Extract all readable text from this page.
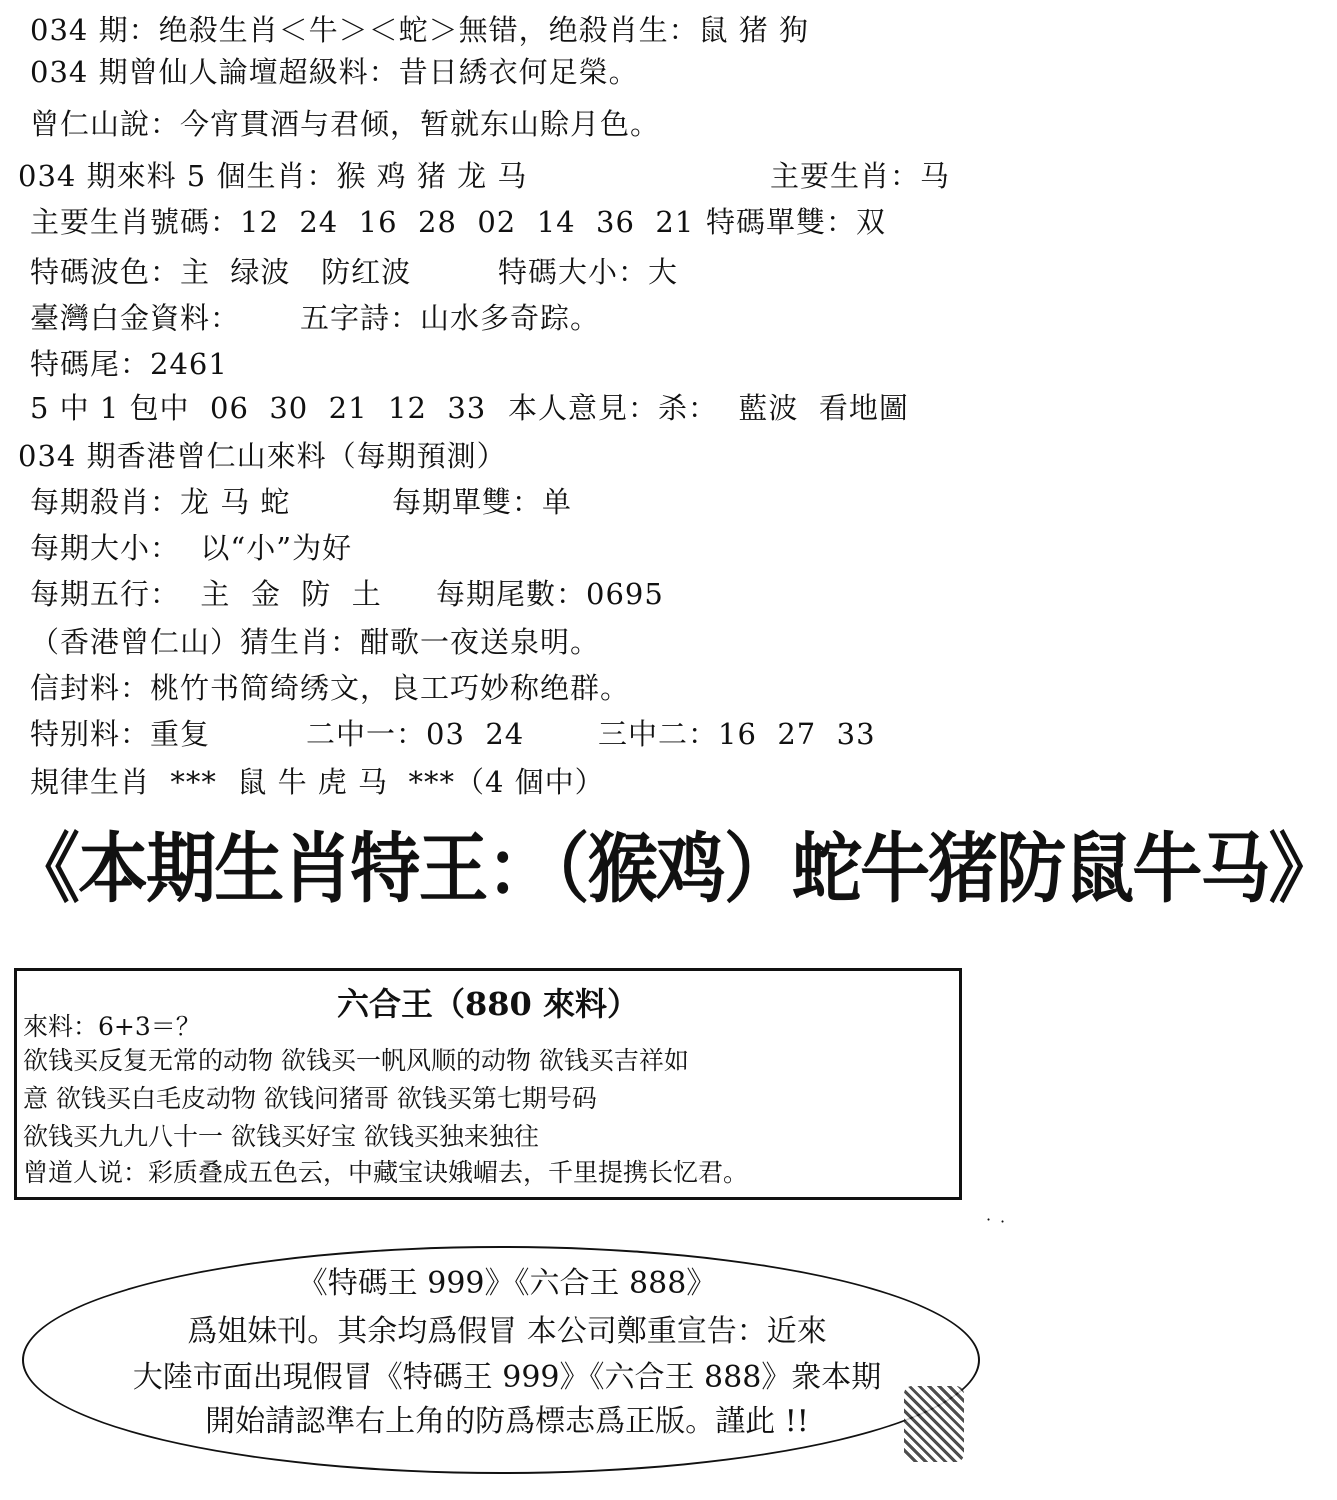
034 期：绝殺生肖＜牛＞＜蛇＞無错，绝殺肖生：鼠 猪 狗
034 期曾仙人論壇超級料：昔日綉衣何足榮。
曾仁山說：今宵貫酒与君倾，暂就东山賒月色。
034 期來料 5 個生肖：猴 鸡 猪 龙 马	主要生肖：马
主要生肖號碼：12  24  16  28  02  14  36  21 特碼單雙：双
特碼波色：主  绿波   防红波	特碼大小：大
臺灣白金資料： 五字詩：山水多奇踪。
特碼尾：2461
5 中 1 包中  06  30  21  12  33 本人意見：杀：  藍波  看地圖
034 期香港曾仁山來料（每期預測）
每期殺肖：龙 马 蛇	每期單雙：单
每期大小：  以“小”为好
每期五行：  主  金  防  土 每期尾數：0695
（香港曾仁山）猜生肖：酣歌一夜送泉明。
信封料：桃竹书简绮绣文，良工巧妙称绝群。
特别料：重复	二中一：03  24	三中二：16  27  33
規律生肖  ***  鼠 牛 虎 马  ***（4 個中）
《本期生肖特王：（猴鸡）蛇牛猪防鼠牛马》
六合王（880 來料）
來料：6+3＝？
欲钱买反复无常的动物 欲钱买一帆风顺的动物 欲钱买吉祥如
意 欲钱买白毛皮动物 欲钱问猪哥 欲钱买第七期号码
欲钱买九九八十一 欲钱买好宝 欲钱买独来独往
曾道人说：彩质叠成五色云，中藏宝诀娥嵋去，千里提携长忆君。
· ·
《特碼王 999》《六合王 888》
爲姐妹刊。其余均爲假冒 本公司鄭重宣告：近來
大陸市面出現假冒《特碼王 999》《六合王 888》衆本期
開始請認準右上角的防爲標志爲正版。謹此 !!
